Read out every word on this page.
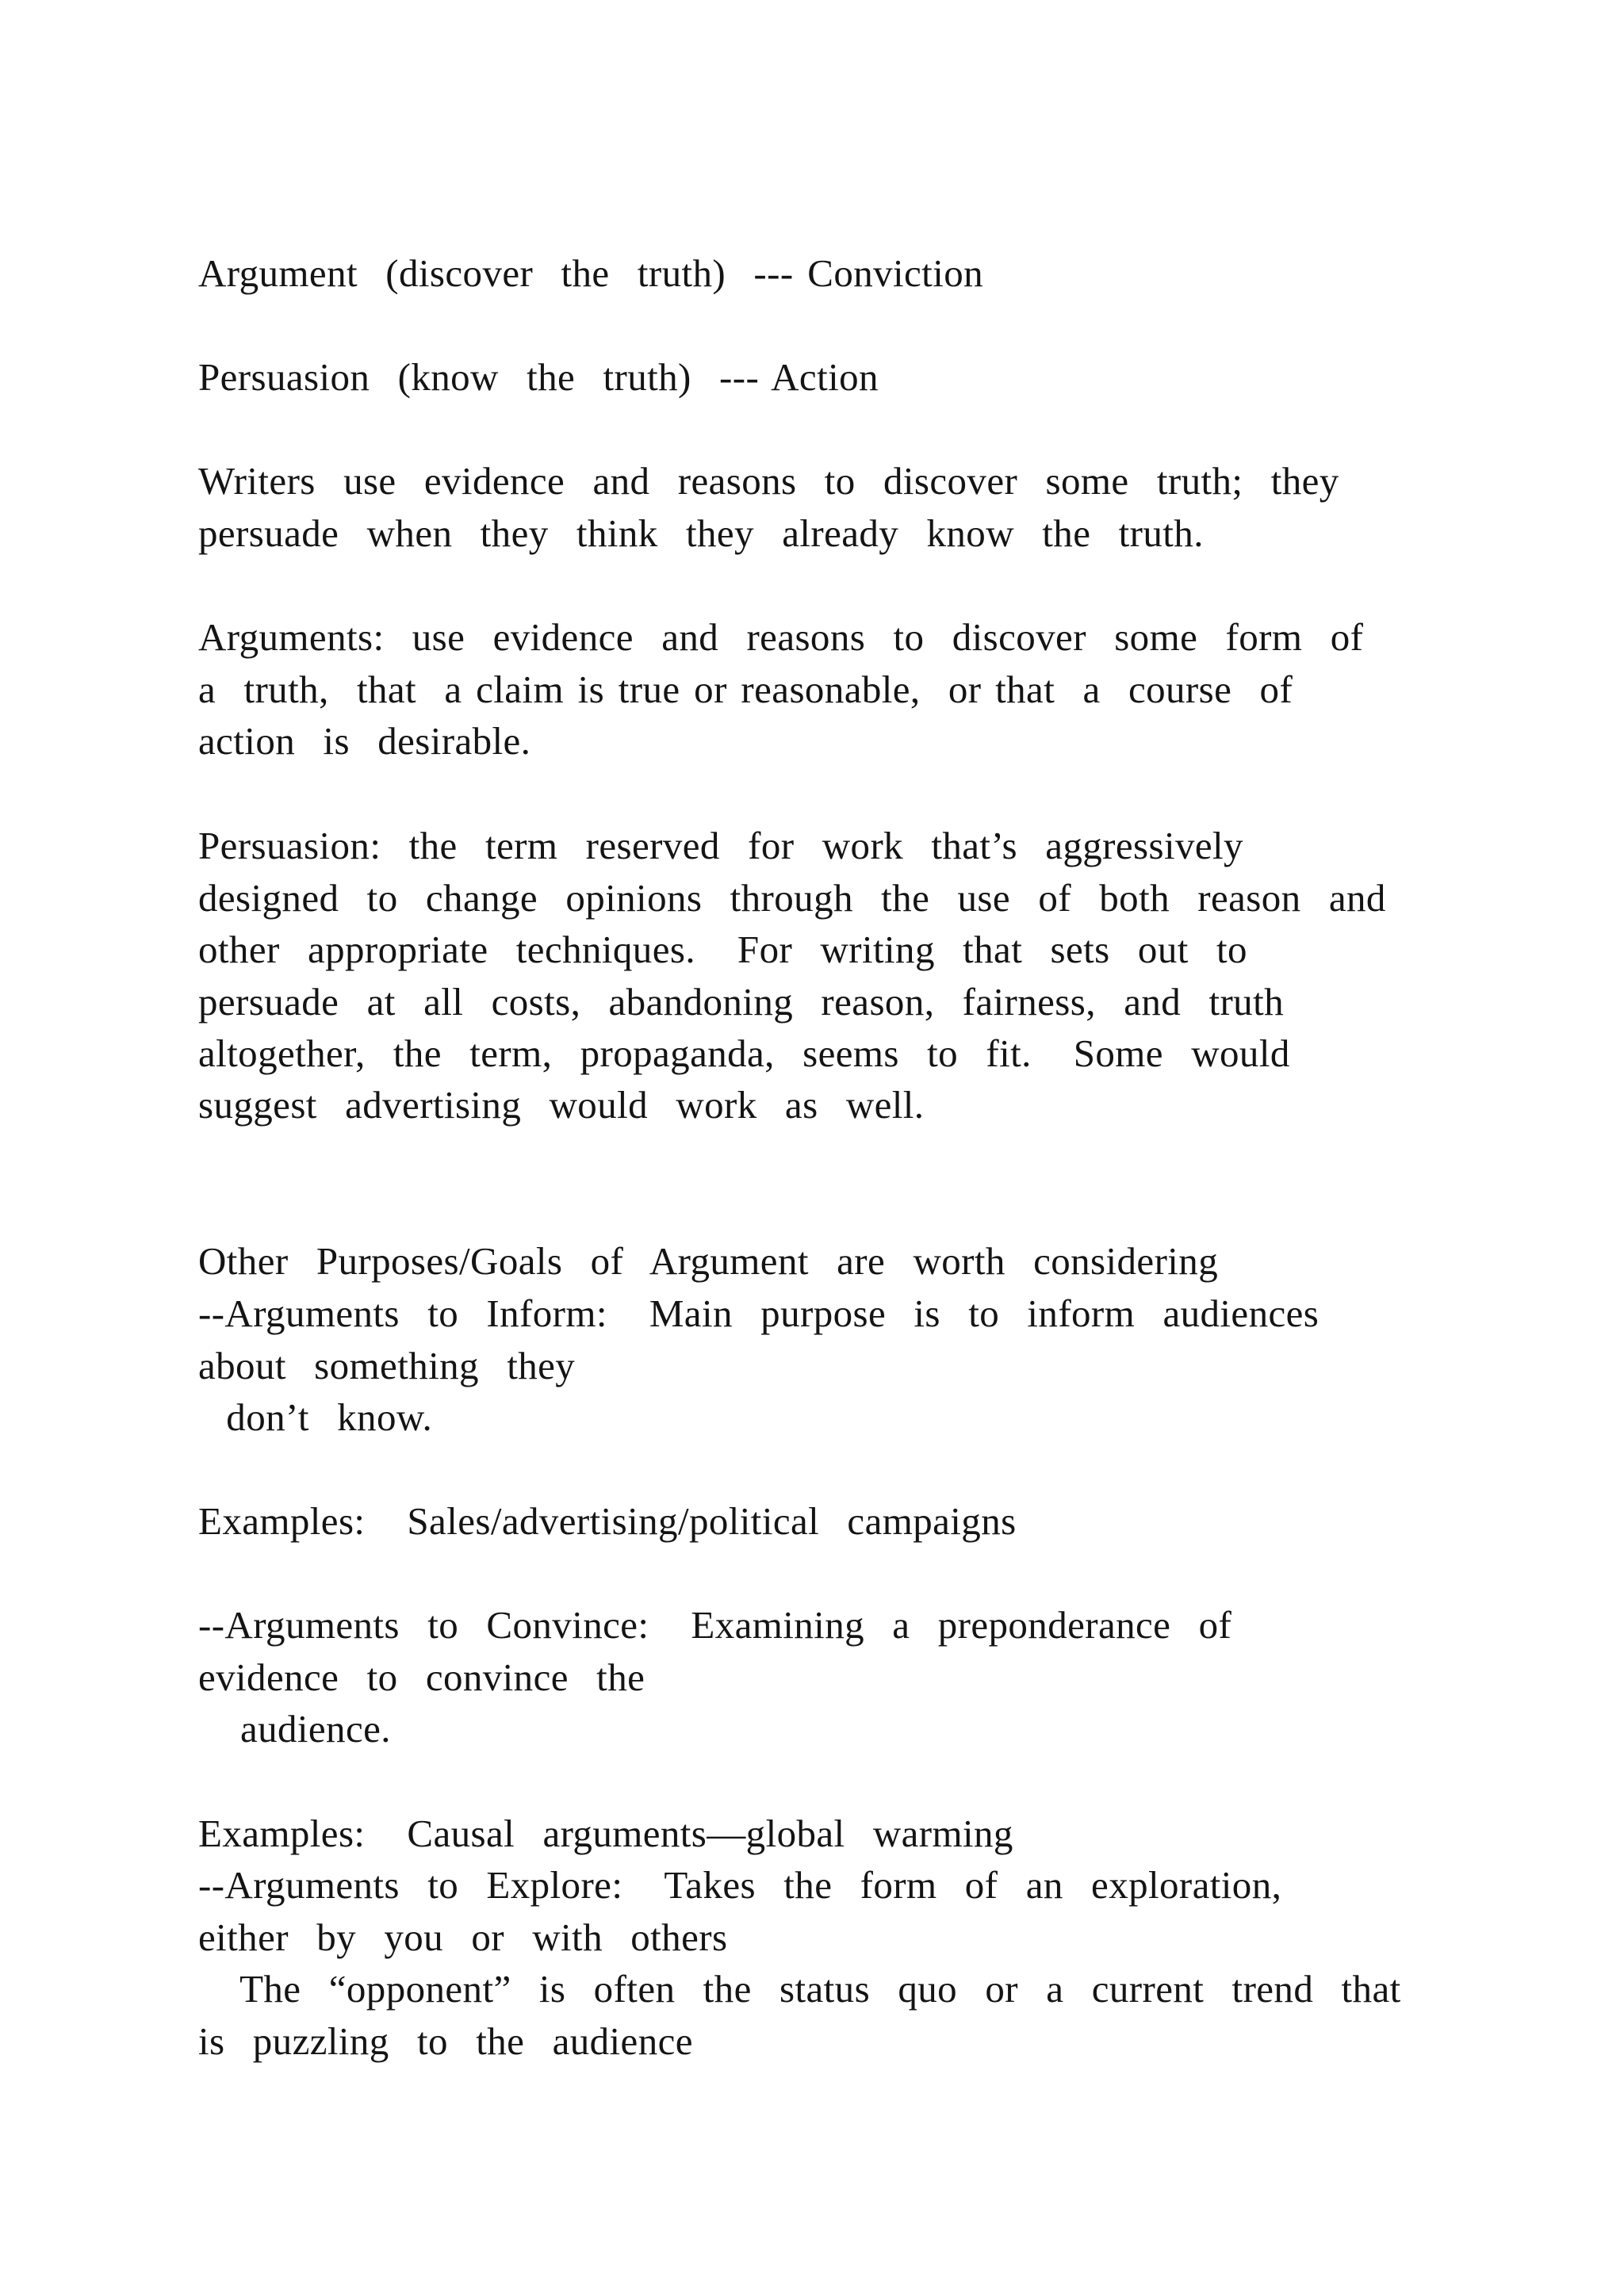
Argument  (discover  the  truth)  --- Conviction

Persuasion  (know  the  truth)  --- Action

Writers  use  evidence  and  reasons  to  discover  some  truth;  they

persuade  when  they  think  they  already  know  the  truth.

Arguments:  use  evidence  and  reasons  to  discover  some  form  of

a  truth,  that  a claim is true or reasonable,  or that  a  course  of

action  is  desirable.

Persuasion:  the  term  reserved  for  work  that’s  aggressively

designed  to  change  opinions  through  the  use  of  both  reason  and

other  appropriate  techniques.   For  writing  that  sets  out  to

persuade  at  all  costs,  abandoning  reason,  fairness,  and  truth

altogether,  the  term,  propaganda,  seems  to  fit.   Some  would

suggest  advertising  would  work  as  well.

Other  Purposes/Goals  of  Argument  are  worth  considering

--Arguments  to  Inform:   Main  purpose  is  to  inform  audiences

about  something  they

don’t  know.

Examples:   Sales/advertising/political  campaigns

--Arguments  to  Convince:   Examining  a  preponderance  of

evidence  to  convince  the

audience.

Examples:   Causal  arguments—global  warming

--Arguments  to  Explore:   Takes  the  form  of  an  exploration,

either  by  you  or  with  others

The  “opponent”  is  often  the  status  quo  or  a  current  trend  that

is  puzzling  to  the  audience
